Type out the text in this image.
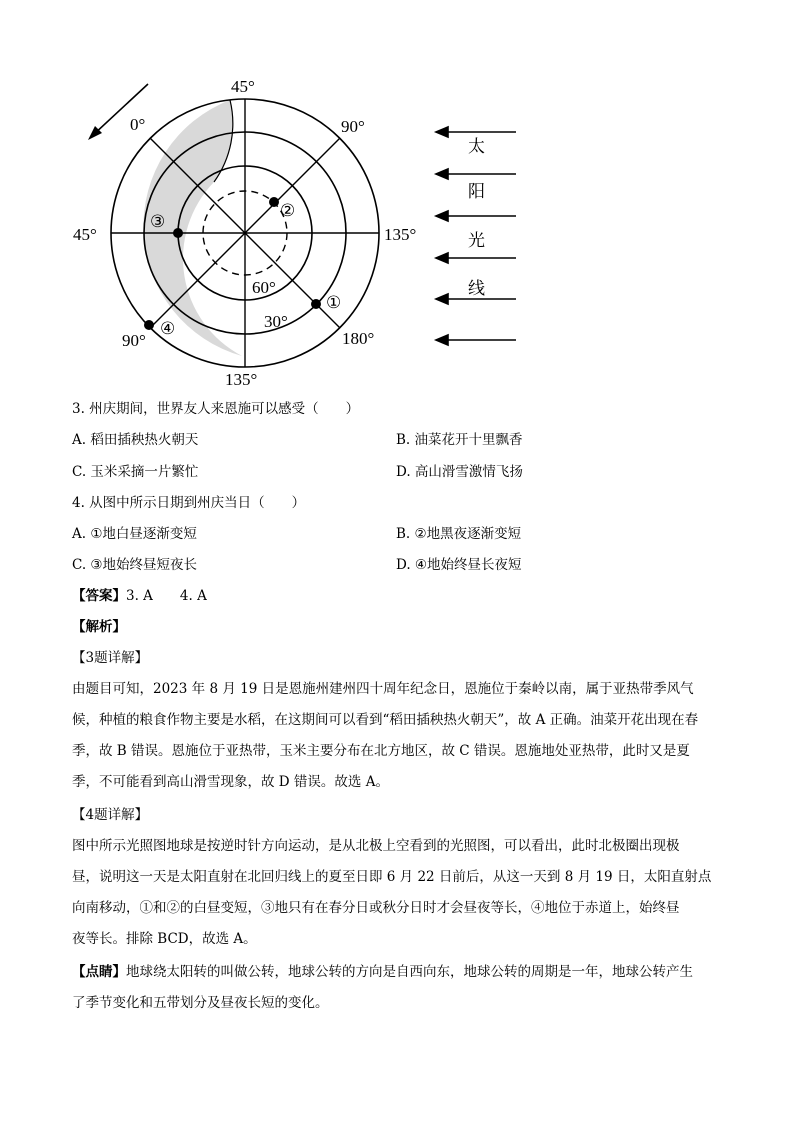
45°
0°	90°
45°	135°
90°	180°
135°
60°
30°
①
②
③
④
太
阳
光
线
3. 州庆期间，世界友人来恩施可以感受（　　）
A. 稻田插秧热火朝天	B. 油菜花开十里飘香
C. 玉米采摘一片繁忙	D. 高山滑雪激情飞扬
4. 从图中所示日期到州庆当日（　　）
A. ①地白昼逐渐变短	B. ②地黑夜逐渐变短
C. ③地始终昼短夜长	D. ④地始终昼长夜短
【答案】3. A　　4. A
【解析】
【3题详解】
由题目可知，2023 年 8 月 19 日是恩施州建州四十周年纪念日，恩施位于秦岭以南，属于亚热带季风气
候，种植的粮食作物主要是水稻，在这期间可以看到“稻田插秧热火朝天”，故 A 正确。油菜开花出现在春
季，故 B 错误。恩施位于亚热带，玉米主要分布在北方地区，故 C 错误。恩施地处亚热带，此时又是夏
季，不可能看到高山滑雪现象，故 D 错误。故选 A。
【4题详解】
图中所示光照图地球是按逆时针方向运动，是从北极上空看到的光照图，可以看出，此时北极圈出现极
昼，说明这一天是太阳直射在北回归线上的夏至日即 6 月 22 日前后，从这一天到 8 月 19 日，太阳直射点
向南移动，①和②的白昼变短，③地只有在春分日或秋分日时才会昼夜等长，④地位于赤道上，始终昼
夜等长。排除 BCD，故选 A。
【点睛】地球绕太阳转的叫做公转，地球公转的方向是自西向东，地球公转的周期是一年，地球公转产生
了季节变化和五带划分及昼夜长短的变化。
